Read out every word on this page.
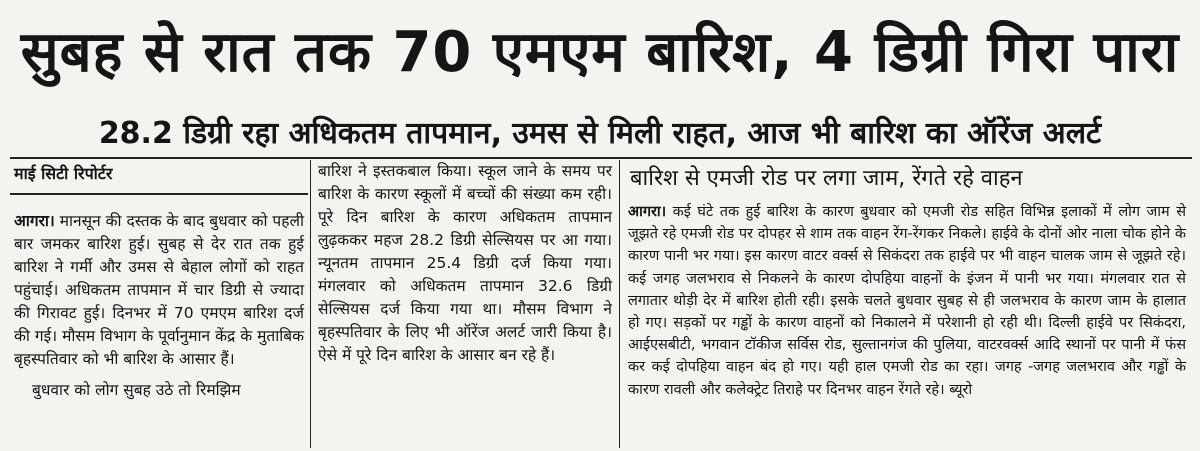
सुबह से रात तक 70 एमएम बारिश, 4 डिग्री गिरा पारा
28.2 डिग्री रहा अधिकतम तापमान, उमस से मिली राहत, आज भी बारिश का ऑरेंज अलर्ट
माई सिटी रिपोर्टर

आगरा। मानसून की दस्तक के बाद बुधवार को पहली बार जमकर बारिश हुई। सुबह से देर रात तक हुई बारिश ने गर्मी और उमस से बेहाल लोगों को राहत पहुंचाई। अधिकतम तापमान में चार डिग्री से ज्यादा की गिरावट हुई। दिनभर में 70 एमएम बारिश दर्ज की गई। मौसम विभाग के पूर्वानुमान केंद्र के मुताबिक बृहस्पतिवार को भी बारिश के आसार हैं।

बुधवार को लोग सुबह उठे तो रिमझिम

बारिश ने इस्तकबाल किया। स्कूल जाने के समय पर बारिश के कारण स्कूलों में बच्चों की संख्या कम रही। पूरे दिन बारिश के कारण अधिकतम तापमान लुढ़ककर महज 28.2 डिग्री सेल्सियस पर आ गया। न्यूनतम तापमान 25.4 डिग्री दर्ज किया गया। मंगलवार को अधिकतम तापमान 32.6 डिग्री सेल्सियस दर्ज किया गया था। मौसम विभाग ने बृहस्पतिवार के लिए भी ऑरेंज अलर्ट जारी किया है। ऐसे में पूरे दिन बारिश के आसार बन रहे हैं।

बारिश से एमजी रोड पर लगा जाम, रेंगते रहे वाहन

आगरा। कई घंटे तक हुई बारिश के कारण बुधवार को एमजी रोड सहित विभिन्न इलाकों में लोग जाम से जूझते रहे एमजी रोड पर दोपहर से शाम तक वाहन रेंग-रेंगकर निकले। हाईवे के दोनों ओर नाला चोक होने के कारण पानी भर गया। इस कारण वाटर वर्क्स से सिकंदरा तक हाईवे पर भी वाहन चालक जाम से जूझते रहे। कई जगह जलभराव से निकलने के कारण दोपहिया वाहनों के इंजन में पानी भर गया। मंगलवार रात से लगातार थोड़ी देर में बारिश होती रही। इसके चलते बुधवार सुबह से ही जलभराव के कारण जाम के हालात हो गए। सड़कों पर गड्ढों के कारण वाहनों को निकालने में परेशानी हो रही थी। दिल्ली हाईवे पर सिकंदरा, आईएसबीटी, भगवान टॉकीज सर्विस रोड, सुल्तानगंज की पुलिया, वाटरवर्क्स आदि स्थानों पर पानी में फंस कर कई दोपहिया वाहन बंद हो गए। यही हाल एमजी रोड का रहा। जगह -जगह जलभराव और गड्ढों के कारण रावली और कलेक्ट्रेट तिराहे पर दिनभर वाहन रेंगते रहे। ब्यूरो
